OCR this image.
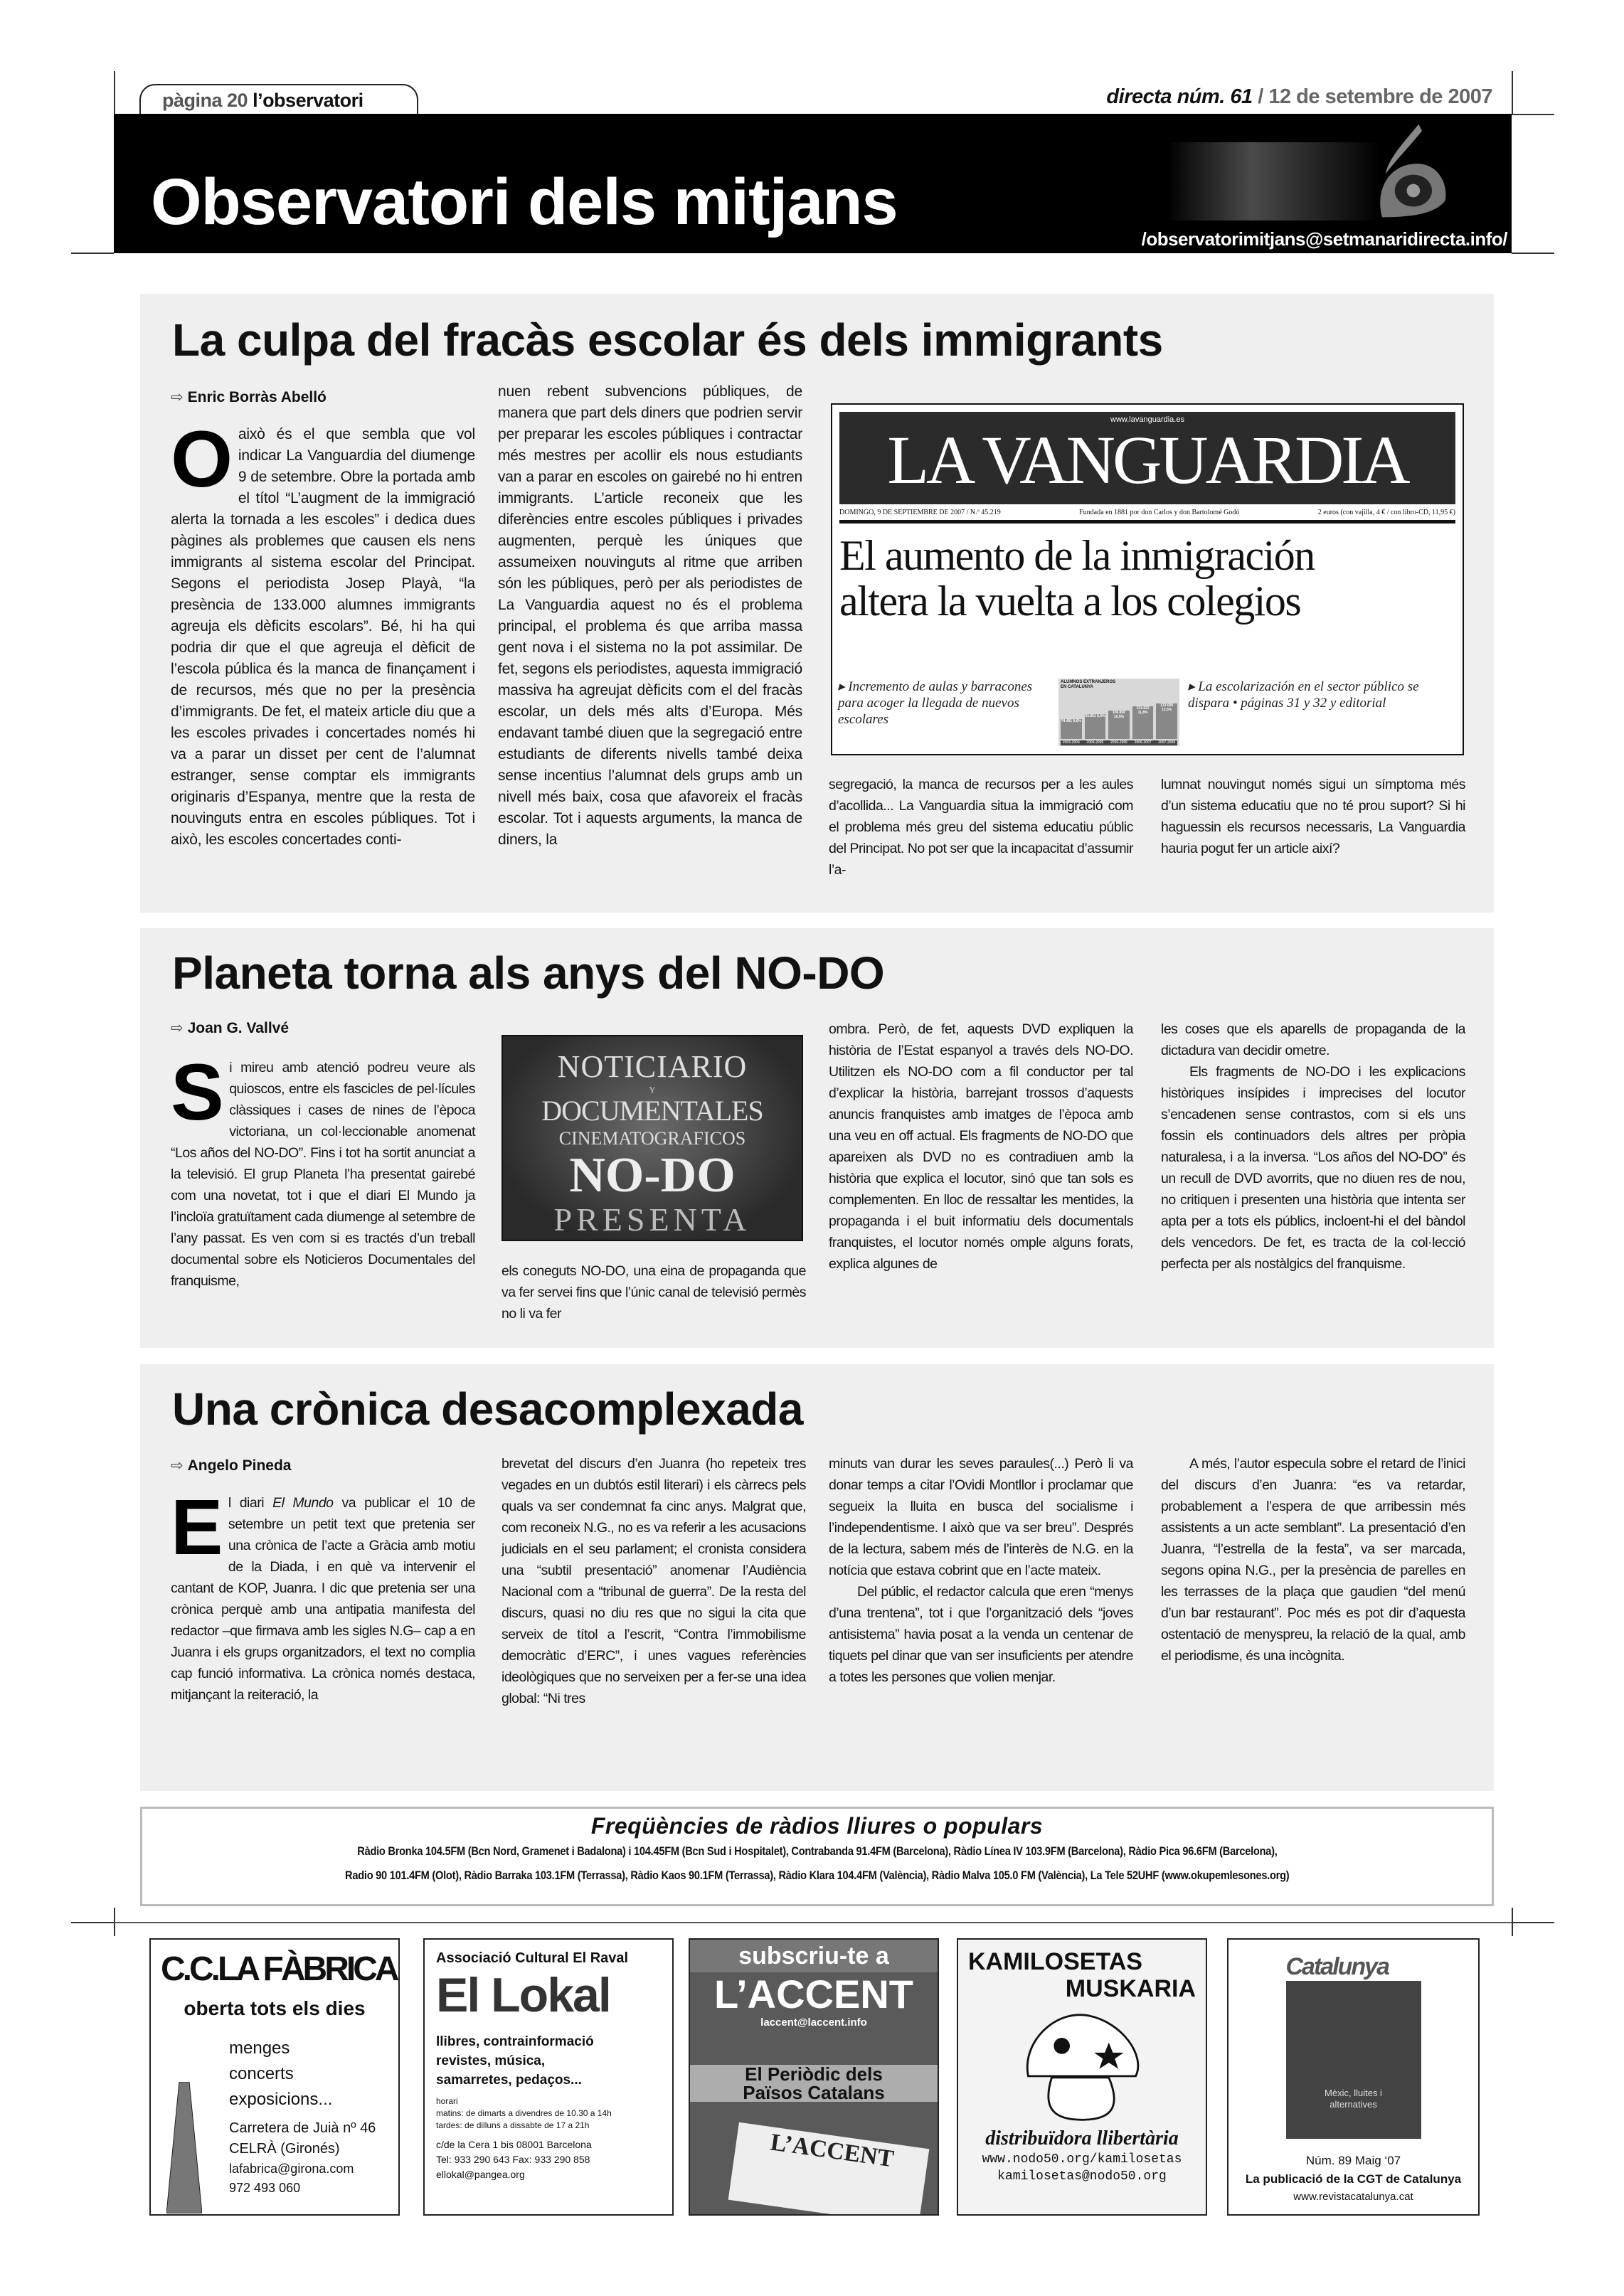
pàgina 20 l’observatori	directa núm. 61 / 12 de setembre de 2007
Observatori dels mitjans
/observatorimitjans@setmanaridirecta.info/
La culpa del fracàs escolar és dels immigrants
⇨ Enric Borràs Abelló
Oaixò és el que sembla que vol indicar La Vanguardia del diumenge 9 de setembre. Obre la portada amb el títol “L’augment de la immigració alerta la tornada a les escoles” i dedica dues pàgines als problemes que causen els nens immigrants al sistema escolar del Principat. Segons el periodista Josep Playà, “la presència de 133.000 alumnes immigrants agreuja els dèficits escolars”. Bé, hi ha qui podria dir que el que agreuja el dèficit de l’escola pública és la manca de finançament i de recursos, més que no per la presència d’immigrants. De fet, el mateix article diu que a les escoles privades i concertades només hi va a parar un disset per cent de l’alumnat estranger, sense comptar els immigrants originaris d’Espanya, mentre que la resta de nouvinguts entra en escoles públiques. Tot i això, les escoles concertades conti-
nuen rebent subvencions públiques, de manera que part dels diners que podrien servir per preparar les escoles públiques i contractar més mestres per acollir els nous estudiants van a parar en escoles on gairebé no hi entren immigrants. L’article reconeix que les diferències entre escoles públiques i privades augmenten, perquè les úniques que assumeixen nouvinguts al ritme que arriben són les públiques, però per als periodistes de La Vanguardia aquest no és el problema principal, el problema és que arriba massa gent nova i el sistema no la pot assimilar. De fet, segons els periodistes, aquesta immigració massiva ha agreujat dèficits com el del fracàs escolar, un dels més alts d’Europa. Més endavant també diuen que la segregació entre estudiants de diferents nivells també deixa sense incentius l’alumnat dels grups amb un nivell més baix, cosa que afavoreix el fracàs escolar. Tot i aquests arguments, la manca de diners, la
www.lavanguardia.es
LA VANGUARDIA
DOMINGO, 9 DE SEPTIEMBRE DE 2007 / N.º 45.219	Fundada en 1881 por don Carlos y don Bartolomé Godó	2 euros (con vajilla, 4 € / con libro-CD, 11,95 €)
El aumento de la inmigración
altera la vuelta a los colegios
▸ Incremento de aulas y barracones para acoger la llegada de nuevos escolares
ALUMNOS EXTRANJEROS EN CATALUNYA
74.491 9,6%
93.851 9,9%
106.850 10,5%
121.622 11,8%
133.000 12,5%
2003-2004	2004-2005	2005-2006	2006-2007	2007-2008
▸ La escolarización en el sector público se dispara • páginas 31 y 32 y editorial
segregació, la manca de recursos per a les aules d’acollida... La Vanguardia situa la immigració com el problema més greu del sistema educatiu públic del Principat. No pot ser que la incapacitat d’assumir l’a-
lumnat nouvingut només sigui un símptoma més d’un sistema educatiu que no té prou suport? Si hi haguessin els recursos necessaris, La Vanguardia hauria pogut fer un article així?
Planeta torna als anys del NO-DO
⇨ Joan G. Vallvé
Si mireu amb atenció podreu veure als quioscos, entre els fascicles de pel·lícules clàssiques i cases de nines de l’època victoriana, un col·leccionable anomenat “Los años del NO-DO”. Fins i tot ha sortit anunciat a la televisió. El grup Planeta l’ha presentat gairebé com una novetat, tot i que el diari El Mundo ja l’incloïa gratuïtament cada diumenge al setembre de l’any passat. Es ven com si es tractés d’un treball documental sobre els Noticieros Documentales del franquisme,
NOTICIARIO
Y
DOCUMENTALES
CINEMATOGRAFICOS
NO-DO
PRESENTA
els coneguts NO-DO, una eina de propaganda que va fer servei fins que l’únic canal de televisió permès no li va fer
ombra. Però, de fet, aquests DVD expliquen la història de l’Estat espanyol a través dels NO-DO. Utilitzen els NO-DO com a fil conductor per tal d’explicar la història, barrejant trossos d’aquests anuncis franquistes amb imatges de l’època amb una veu en off actual. Els fragments de NO-DO que apareixen als DVD no es contradiuen amb la història que explica el locutor, sinó que tan sols es complementen. En lloc de ressaltar les mentides, la propaganda i el buit informatiu dels documentals franquistes, el locutor només omple alguns forats, explica algunes de

les coses que els aparells de propaganda de la dictadura van decidir ometre.

Els fragments de NO-DO i les explicacions històriques insípides i imprecises del locutor s’encadenen sense contrastos, com si els uns fossin els continuadors dels altres per pròpia naturalesa, i a la inversa. “Los años del NO-DO” és un recull de DVD avorrits, que no diuen res de nou, no critiquen i presenten una història que intenta ser apta per a tots els públics, incloent-hi el del bàndol dels vencedors. De fet, es tracta de la col·lecció perfecta per als nostàlgics del franquisme.

Una crònica desacomplexada
⇨ Angelo Pineda
El diari El Mundo va publicar el 10 de setembre un petit text que pretenia ser una crònica de l’acte a Gràcia amb motiu de la Diada, i en què va intervenir el cantant de KOP, Juanra. I dic que pretenia ser una crònica perquè amb una antipatia manifesta del redactor –que firmava amb les sigles N.G– cap a en Juanra i els grups organitzadors, el text no complia cap funció informativa. La crònica només destaca, mitjançant la reiteració, la
brevetat del discurs d’en Juanra (ho repeteix tres vegades en un dubtós estil literari) i els càrrecs pels quals va ser condemnat fa cinc anys. Malgrat que, com reconeix N.G., no es va referir a les acusacions judicials en el seu parlament; el cronista considera una “subtil presentació” anomenar l’Audiència Nacional com a “tribunal de guerra”. De la resta del discurs, quasi no diu res que no sigui la cita que serveix de títol a l’escrit, “Contra l’immobilisme democràtic d’ERC”, i unes vagues referències ideològiques que no serveixen per a fer-se una idea global: “Ni tres

minuts van durar les seves paraules(...) Però li va donar temps a citar l’Ovidi Montllor i proclamar que segueix la lluita en busca del socialisme i l’independentisme. I això que va ser breu”. Després de la lectura, sabem més de l’interès de N.G. en la notícia que estava cobrint que en l’acte mateix.

Del públic, el redactor calcula que eren “menys d’una trentena”, tot i que l’organització dels “joves antisistema” havia posat a la venda un centenar de tiquets pel dinar que van ser insuficients per atendre a totes les persones que volien menjar.

A més, l’autor especula sobre el retard de l’inici del discurs d’en Juanra: “es va retardar, probablement a l’espera de que arribessin més assistents a un acte semblant”. La presentació d’en Juanra, “l’estrella de la festa”, va ser marcada, segons opina N.G., per la presència de parelles en les terrasses de la plaça que gaudien “del menú d’un bar restaurant”. Poc més es pot dir d’aquesta ostentació de menyspreu, la relació de la qual, amb el periodisme, és una incògnita.

Freqüències de ràdios lliures o populars
Ràdio Bronka 104.5FM (Bcn Nord, Gramenet i Badalona) i 104.45FM (Bcn Sud i Hospitalet), Contrabanda 91.4FM (Barcelona), Ràdio Línea IV 103.9FM (Barcelona), Ràdio Pica 96.6FM (Barcelona),
Radio 90 101.4FM (Olot), Ràdio Barraka 103.1FM (Terrassa), Ràdio Kaos 90.1FM (Terrassa), Ràdio Klara 104.4FM (València), Ràdio Malva 105.0 FM (València), La Tele 52UHF (www.okupemlesones.org)
C.C.LA FÀBRICA
oberta tots els dies
menges
concerts
exposicions...
Carretera de Juià nº 46
CELRÀ (Gironés)
lafabrica@girona.com
972 493 060
Associació Cultural El Raval
El Lokal
llibres, contrainformació
revistes, música,
samarretes, pedaços...
horari
matins: de dimarts a divendres de 10.30 a 14h
tardes: de dilluns a dissabte de 17 a 21h
c/de la Cera 1 bis 08001 Barcelona
Tel: 933 290 643 Fax: 933 290 858
ellokal@pangea.org
subscriu-te a
L’ACCENT
laccent@laccent.info
El Periòdic dels
Països Catalans
L’ACCENT
KAMILOSETAS
MUSKARIA
distribuïdora llibertària
www.nodo50.org/kamilosetas
kamilosetas@nodo50.org
Catalunya
Mèxic, lluites i alternatives
Núm. 89 Maig ‘07
La publicació de la CGT de Catalunya
www.revistacatalunya.cat
